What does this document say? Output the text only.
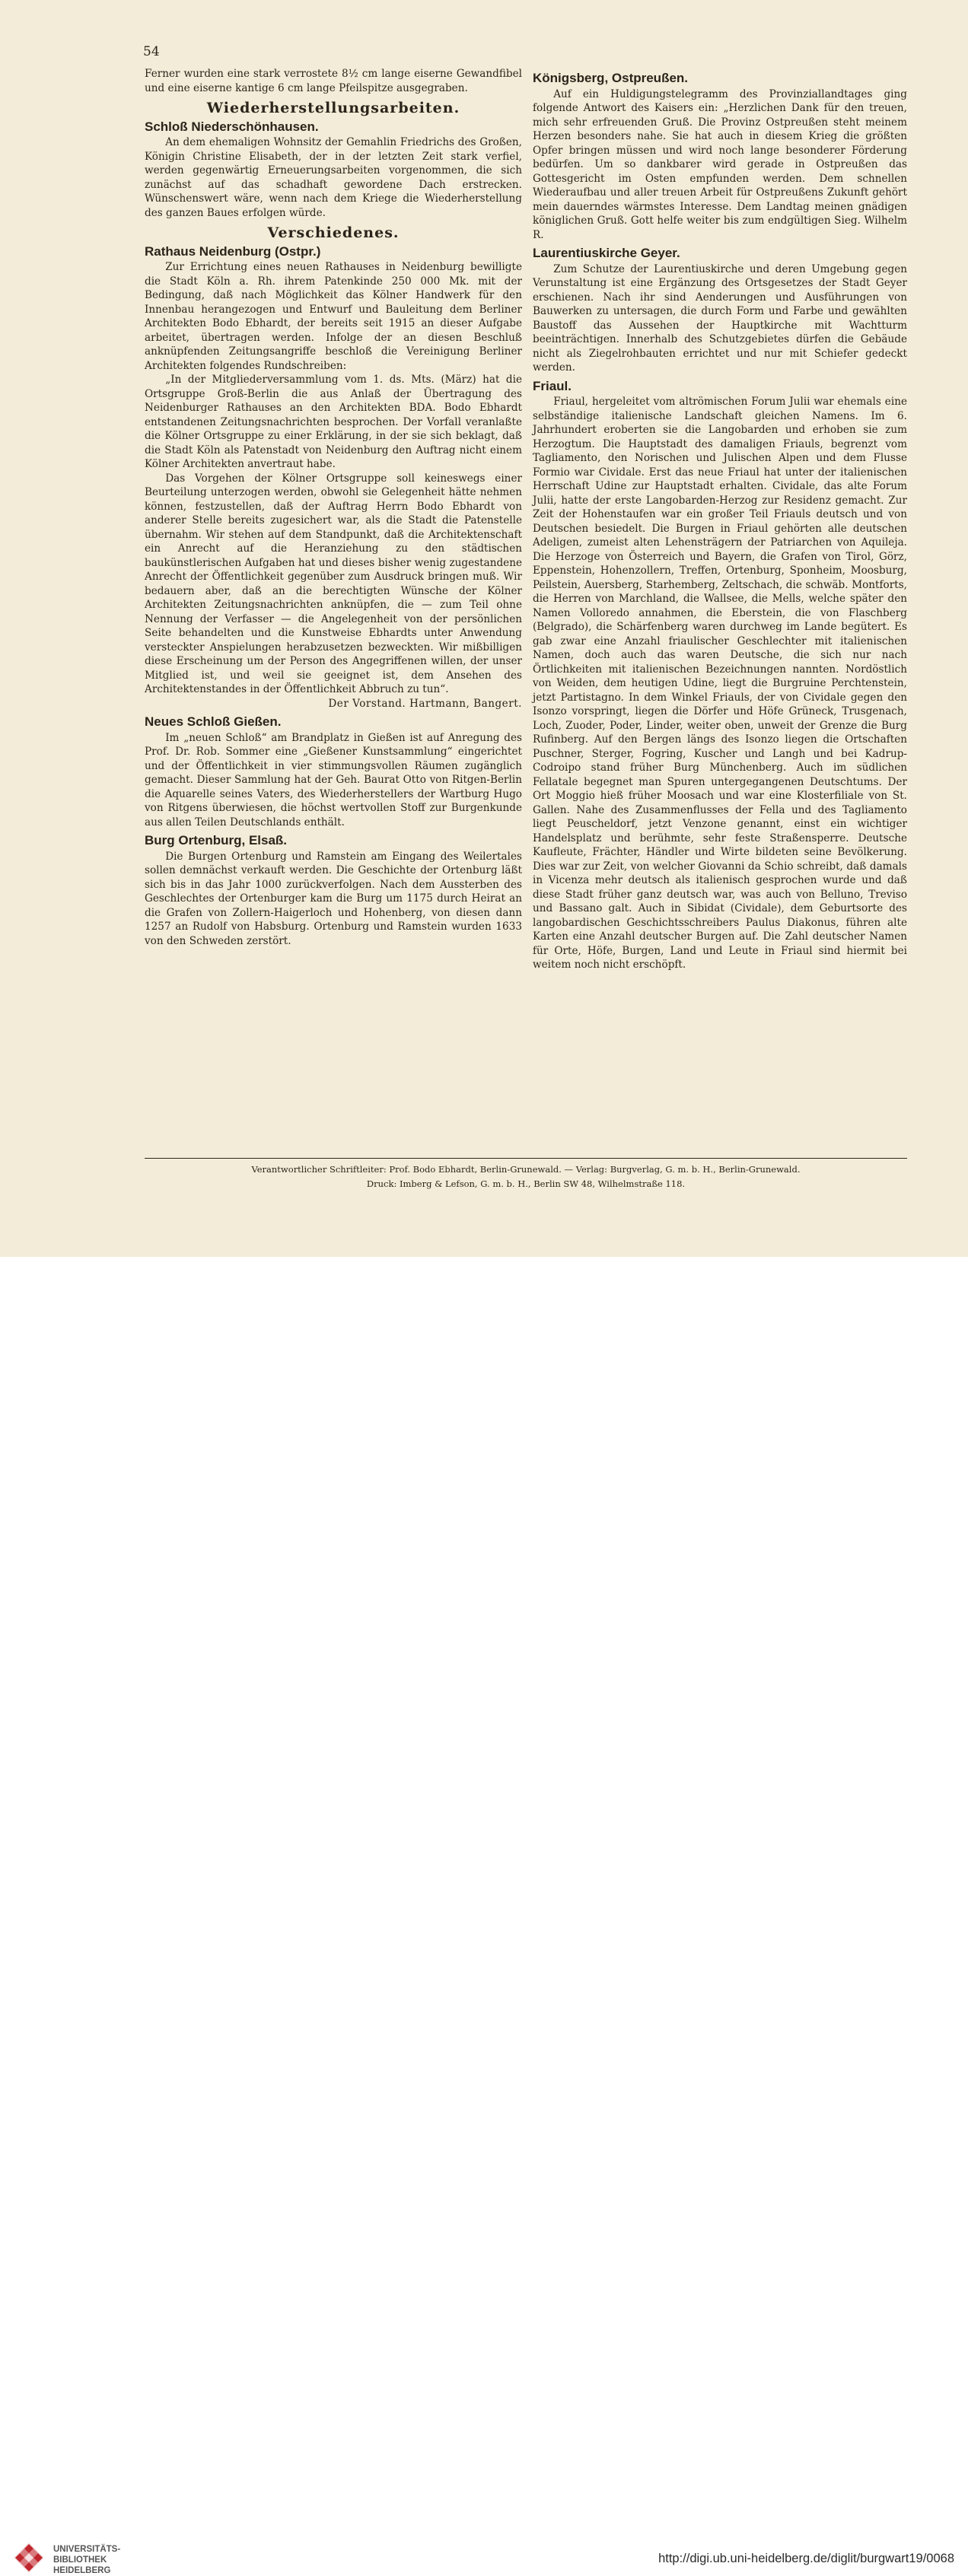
54

Ferner wurden eine stark verrostete 8½ cm lange eiserne Gewandfibel und eine eiserne kantige 6 cm lange Pfeilspitze ausgegraben.

Wiederherstellungsarbeiten.
Schloß Niederschönhausen.

An dem ehemaligen Wohnsitz der Gemahlin Friedrichs des Großen, Königin Christine Elisabeth, der in der letzten Zeit stark verfiel, werden gegenwärtig Erneuerungsarbeiten vorgenommen, die sich zunächst auf das schadhaft gewordene Dach erstrecken. Wünschenswert wäre, wenn nach dem Kriege die Wiederherstellung des ganzen Baues erfolgen würde.

Verschiedenes.
Rathaus Neidenburg (Ostpr.)

Zur Errichtung eines neuen Rathauses in Neidenburg bewilligte die Stadt Köln a. Rh. ihrem Patenkinde 250 000 Mk. mit der Bedingung, daß nach Möglichkeit das Kölner Handwerk für den Innenbau herangezogen und Entwurf und Bauleitung dem Berliner Architekten Bodo Ebhardt, der bereits seit 1915 an dieser Aufgabe arbeitet, übertragen werden. Infolge der an diesen Beschluß anknüpfenden Zeitungsangriffe beschloß die Vereinigung Berliner Architekten folgendes Rundschreiben:

„In der Mitgliederversammlung vom 1. ds. Mts. (März) hat die Ortsgruppe Groß-Berlin die aus Anlaß der Übertragung des Neidenburger Rathauses an den Architekten BDA. Bodo Ebhardt entstandenen Zeitungsnachrichten besprochen. Der Vorfall veranlaßte die Kölner Ortsgruppe zu einer Erklärung, in der sie sich beklagt, daß die Stadt Köln als Patenstadt von Neidenburg den Auftrag nicht einem Kölner Architekten anvertraut habe.

Das Vorgehen der Kölner Ortsgruppe soll keineswegs einer Beurteilung unterzogen werden, obwohl sie Gelegenheit hätte nehmen können, festzustellen, daß der Auftrag Herrn Bodo Ebhardt von anderer Stelle bereits zugesichert war, als die Stadt die Patenstelle übernahm. Wir stehen auf dem Standpunkt, daß die Architektenschaft ein Anrecht auf die Heranziehung zu den städtischen baukünstlerischen Aufgaben hat und dieses bisher wenig zugestandene Anrecht der Öffentlichkeit gegenüber zum Ausdruck bringen muß. Wir bedauern aber, daß an die berechtigten Wünsche der Kölner Architekten Zeitungsnachrichten anknüpfen, die — zum Teil ohne Nennung der Verfasser — die Angelegenheit von der persönlichen Seite behandelten und die Kunstweise Ebhardts unter Anwendung versteckter Anspielungen herabzusetzen bezweckten. Wir mißbilligen diese Erscheinung um der Person des Angegriffenen willen, der unser Mitglied ist, und weil sie geeignet ist, dem Ansehen des Architektenstandes in der Öffentlichkeit Abbruch zu tun“.

Der Vorstand. Hartmann, Bangert.

Neues Schloß Gießen.

Im „neuen Schloß“ am Brandplatz in Gießen ist auf Anregung des Prof. Dr. Rob. Sommer eine „Gießener Kunstsammlung“ eingerichtet und der Öffentlichkeit in vier stimmungsvollen Räumen zugänglich gemacht. Dieser Sammlung hat der Geh. Baurat Otto von Ritgen-Berlin die Aquarelle seines Vaters, des Wiederherstellers der Wartburg Hugo von Ritgens überwiesen, die höchst wertvollen Stoff zur Burgenkunde aus allen Teilen Deutschlands enthält.

Burg Ortenburg, Elsaß.

Die Burgen Ortenburg und Ramstein am Eingang des Weilertales sollen demnächst verkauft werden. Die Geschichte der Ortenburg läßt sich bis in das Jahr 1000 zurückverfolgen. Nach dem Aussterben des Geschlechtes der Ortenburger kam die Burg um 1175 durch Heirat an die Grafen von Zollern-Haigerloch und Hohenberg, von diesen dann 1257 an Rudolf von Habsburg. Ortenburg und Ramstein wurden 1633 von den Schweden zerstört.

Königsberg, Ostpreußen.

Auf ein Huldigungstelegramm des Provinziallandtages ging folgende Antwort des Kaisers ein: „Herzlichen Dank für den treuen, mich sehr erfreuenden Gruß. Die Provinz Ostpreußen steht meinem Herzen besonders nahe. Sie hat auch in diesem Krieg die größten Opfer bringen müssen und wird noch lange besonderer Förderung bedürfen. Um so dankbarer wird gerade in Ostpreußen das Gottesgericht im Osten empfunden werden. Dem schnellen Wiederaufbau und aller treuen Arbeit für Ostpreußens Zukunft gehört mein dauerndes wärmstes Interesse. Dem Landtag meinen gnädigen königlichen Gruß. Gott helfe weiter bis zum endgültigen Sieg. Wilhelm R.

Laurentiuskirche Geyer.

Zum Schutze der Laurentiuskirche und deren Umgebung gegen Verunstaltung ist eine Ergänzung des Ortsgesetzes der Stadt Geyer erschienen. Nach ihr sind Aenderungen und Ausführungen von Bauwerken zu untersagen, die durch Form und Farbe und gewählten Baustoff das Aussehen der Hauptkirche mit Wachtturm beeinträchtigen. Innerhalb des Schutzgebietes dürfen die Gebäude nicht als Ziegelrohbauten errichtet und nur mit Schiefer gedeckt werden.

Friaul.

Friaul, hergeleitet vom altrömischen Forum Julii war ehemals eine selbständige italienische Landschaft gleichen Namens. Im 6. Jahrhundert eroberten sie die Langobarden und erhoben sie zum Herzogtum. Die Hauptstadt des damaligen Friauls, begrenzt vom Tagliamento, den Norischen und Julischen Alpen und dem Flusse Formio war Cividale. Erst das neue Friaul hat unter der italienischen Herrschaft Udine zur Hauptstadt erhalten. Cividale, das alte Forum Julii, hatte der erste Langobarden-Herzog zur Residenz gemacht. Zur Zeit der Hohenstaufen war ein großer Teil Friauls deutsch und von Deutschen besiedelt. Die Burgen in Friaul gehörten alle deutschen Adeligen, zumeist alten Lehensträgern der Patriarchen von Aquileja. Die Herzoge von Österreich und Bayern, die Grafen von Tirol, Görz, Eppenstein, Hohenzollern, Treffen, Ortenburg, Sponheim, Moosburg, Peilstein, Auersberg, Starhemberg, Zeltschach, die schwäb. Montforts, die Herren von Marchland, die Wallsee, die Mells, welche später den Namen Volloredo annahmen, die Eberstein, die von Flaschberg (Belgrado), die Schärfenberg waren durchweg im Lande begütert. Es gab zwar eine Anzahl friaulischer Geschlechter mit italienischen Namen, doch auch das waren Deutsche, die sich nur nach Örtlichkeiten mit italienischen Bezeichnungen nannten. Nordöstlich von Weiden, dem heutigen Udine, liegt die Burgruine Perchtenstein, jetzt Partistagno. In dem Winkel Friauls, der von Cividale gegen den Isonzo vorspringt, liegen die Dörfer und Höfe Grüneck, Trusgenach, Loch, Zuoder, Poder, Linder, weiter oben, unweit der Grenze die Burg Rufinberg. Auf den Bergen längs des Isonzo liegen die Ortschaften Puschner, Sterger, Fogring, Kuscher und Langh und bei Kadrup-Codroipo stand früher Burg Münchenberg. Auch im südlichen Fellatale begegnet man Spuren untergegangenen Deutschtums. Der Ort Moggio hieß früher Moosach und war eine Klosterfiliale von St. Gallen. Nahe des Zusammenflusses der Fella und des Tagliamento liegt Peuscheldorf, jetzt Venzone genannt, einst ein wichtiger Handelsplatz und berühmte, sehr feste Straßensperre. Deutsche Kaufleute, Frächter, Händler und Wirte bildeten seine Bevölkerung. Dies war zur Zeit, von welcher Giovanni da Schio schreibt, daß damals in Vicenza mehr deutsch als italienisch gesprochen wurde und daß diese Stadt früher ganz deutsch war, was auch von Belluno, Treviso und Bassano galt. Auch in Sibidat (Cividale), dem Geburtsorte des langobardischen Geschichtsschreibers Paulus Diakonus, führen alte Karten eine Anzahl deutscher Burgen auf. Die Zahl deutscher Namen für Orte, Höfe, Burgen, Land und Leute in Friaul sind hiermit bei weitem noch nicht erschöpft.

Verantwortlicher Schriftleiter: Prof. Bodo Ebhardt, Berlin-Grunewald. — Verlag: Burgverlag, G. m. b. H., Berlin-Grunewald.
Druck: Imberg & Lefson, G. m. b. H., Berlin SW 48, Wilhelmstraße 118.
UNIVERSITÄTS-
BIBLIOTHEK
HEIDELBERG
http://digi.ub.uni-heidelberg.de/diglit/burgwart19/0068
